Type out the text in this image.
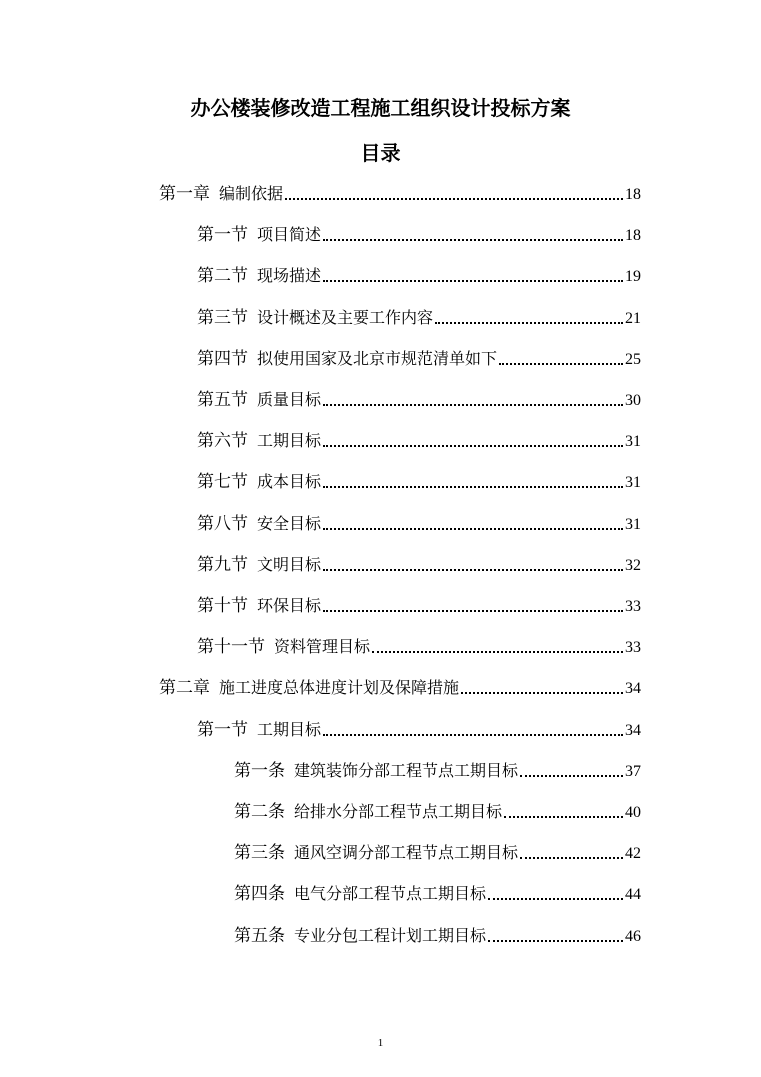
办公楼装修改造工程施工组织设计投标方案
目录
第一章 编制依据	18
第一节 项目简述	18
第二节 现场描述	19
第三节 设计概述及主要工作内容	21
第四节 拟使用国家及北京市规范清单如下	25
第五节 质量目标	30
第六节 工期目标	31
第七节 成本目标	31
第八节 安全目标	31
第九节 文明目标	32
第十节 环保目标	33
第十一节 资料管理目标	33
第二章 施工进度总体进度计划及保障措施	34
第一节 工期目标	34
第一条 建筑装饰分部工程节点工期目标	37
第二条 给排水分部工程节点工期目标	40
第三条 通风空调分部工程节点工期目标	42
第四条 电气分部工程节点工期目标	44
第五条 专业分包工程计划工期目标	46
1
